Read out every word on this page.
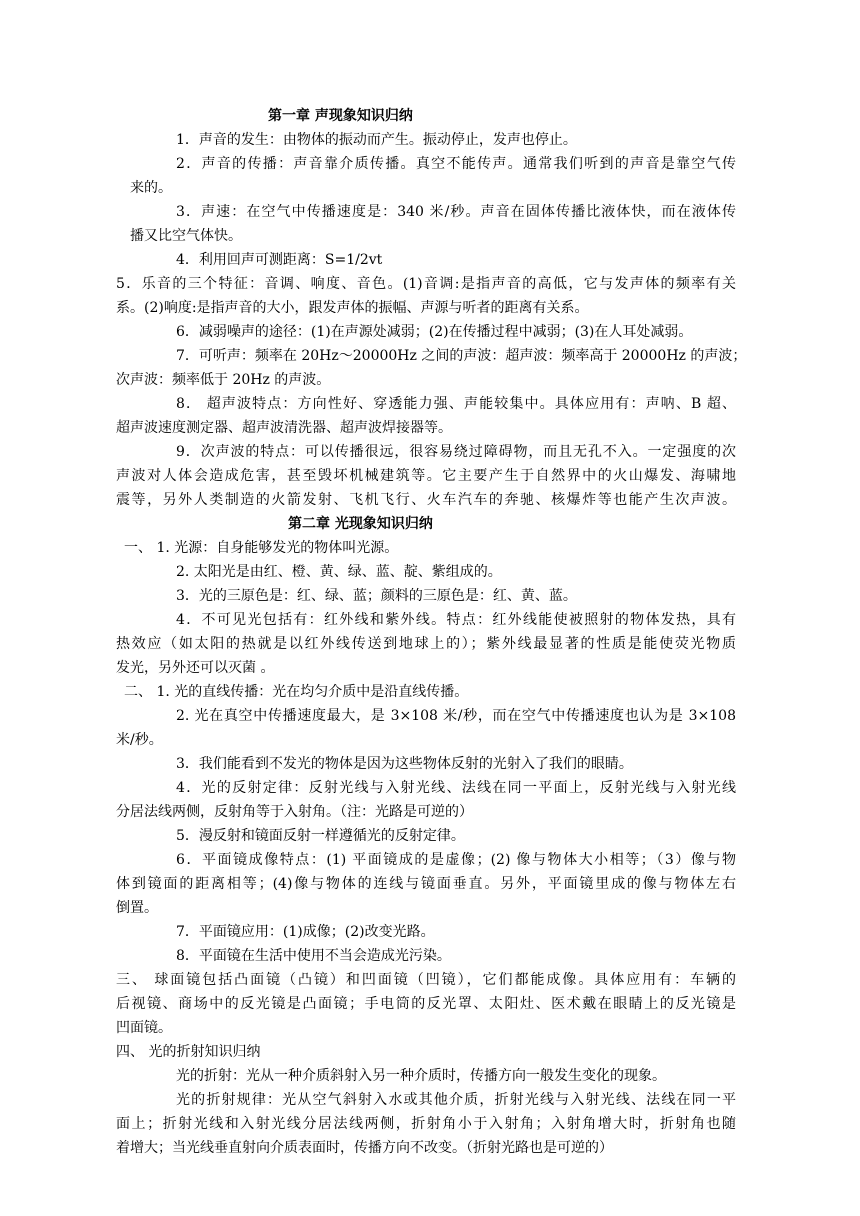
第一章 声现象知识归纳
1．声音的发生：由物体的振动而产生。振动停止，发声也停止。
2．声音的传播：声音靠介质传播。真空不能传声。通常我们听到的声音是靠空气传
来的。
3．声速：在空气中传播速度是：340 米/秒。声音在固体传播比液体快，而在液体传
播又比空气体快。
4．利用回声可测距离：S=1/2vt
5．乐音的三个特征：音调、响度、音色。(1)音调:是指声音的高低，它与发声体的频率有关
系。(2)响度:是指声音的大小，跟发声体的振幅、声源与听者的距离有关系。
6．减弱噪声的途径：(1)在声源处减弱；(2)在传播过程中减弱；(3)在人耳处减弱。
7．可听声：频率在 20Hz～20000Hz 之间的声波：超声波：频率高于 20000Hz 的声波；
次声波：频率低于 20Hz 的声波。
8． 超声波特点：方向性好、穿透能力强、声能较集中。具体应用有：声呐、B 超、
超声波速度测定器、超声波清洗器、超声波焊接器等。
9．次声波的特点：可以传播很远，很容易绕过障碍物，而且无孔不入。一定强度的次
声波对人体会造成危害，甚至毁坏机械建筑等。它主要产生于自然界中的火山爆发、海啸地
震等，另外人类制造的火箭发射、飞机飞行、火车汽车的奔驰、核爆炸等也能产生次声波。
第二章 光现象知识归纳
一、 1. 光源：自身能够发光的物体叫光源。
2. 太阳光是由红、橙、黄、绿、蓝、靛、紫组成的。
3．光的三原色是：红、绿、蓝；颜料的三原色是：红、黄、蓝。
4．不可见光包括有：红外线和紫外线。特点：红外线能使被照射的物体发热，具有
热效应（如太阳的热就是以红外线传送到地球上的）；紫外线最显著的性质是能使荧光物质
发光，另外还可以灭菌 。
二、 1. 光的直线传播：光在均匀介质中是沿直线传播。
2. 光在真空中传播速度最大，是 3×108 米/秒，而在空气中传播速度也认为是 3×108
米/秒。
3．我们能看到不发光的物体是因为这些物体反射的光射入了我们的眼睛。
4．光的反射定律：反射光线与入射光线、法线在同一平面上，反射光线与入射光线
分居法线两侧，反射角等于入射角。（注：光路是可逆的）
5．漫反射和镜面反射一样遵循光的反射定律。
6．平面镜成像特点：(1) 平面镜成的是虚像；(2) 像与物体大小相等；（3）像与物
体到镜面的距离相等；(4)像与物体的连线与镜面垂直。另外，平面镜里成的像与物体左右
倒置。
7．平面镜应用：(1)成像；(2)改变光路。
8．平面镜在生活中使用不当会造成光污染。
三、 球面镜包括凸面镜（凸镜）和凹面镜（凹镜），它们都能成像。具体应用有：车辆的
后视镜、商场中的反光镜是凸面镜；手电筒的反光罩、太阳灶、医术戴在眼睛上的反光镜是
凹面镜。
四、 光的折射知识归纳
光的折射：光从一种介质斜射入另一种介质时，传播方向一般发生变化的现象。
光的折射规律：光从空气斜射入水或其他介质，折射光线与入射光线、法线在同一平
面上；折射光线和入射光线分居法线两侧，折射角小于入射角；入射角增大时，折射角也随
着增大；当光线垂直射向介质表面时，传播方向不改变。（折射光路也是可逆的）
